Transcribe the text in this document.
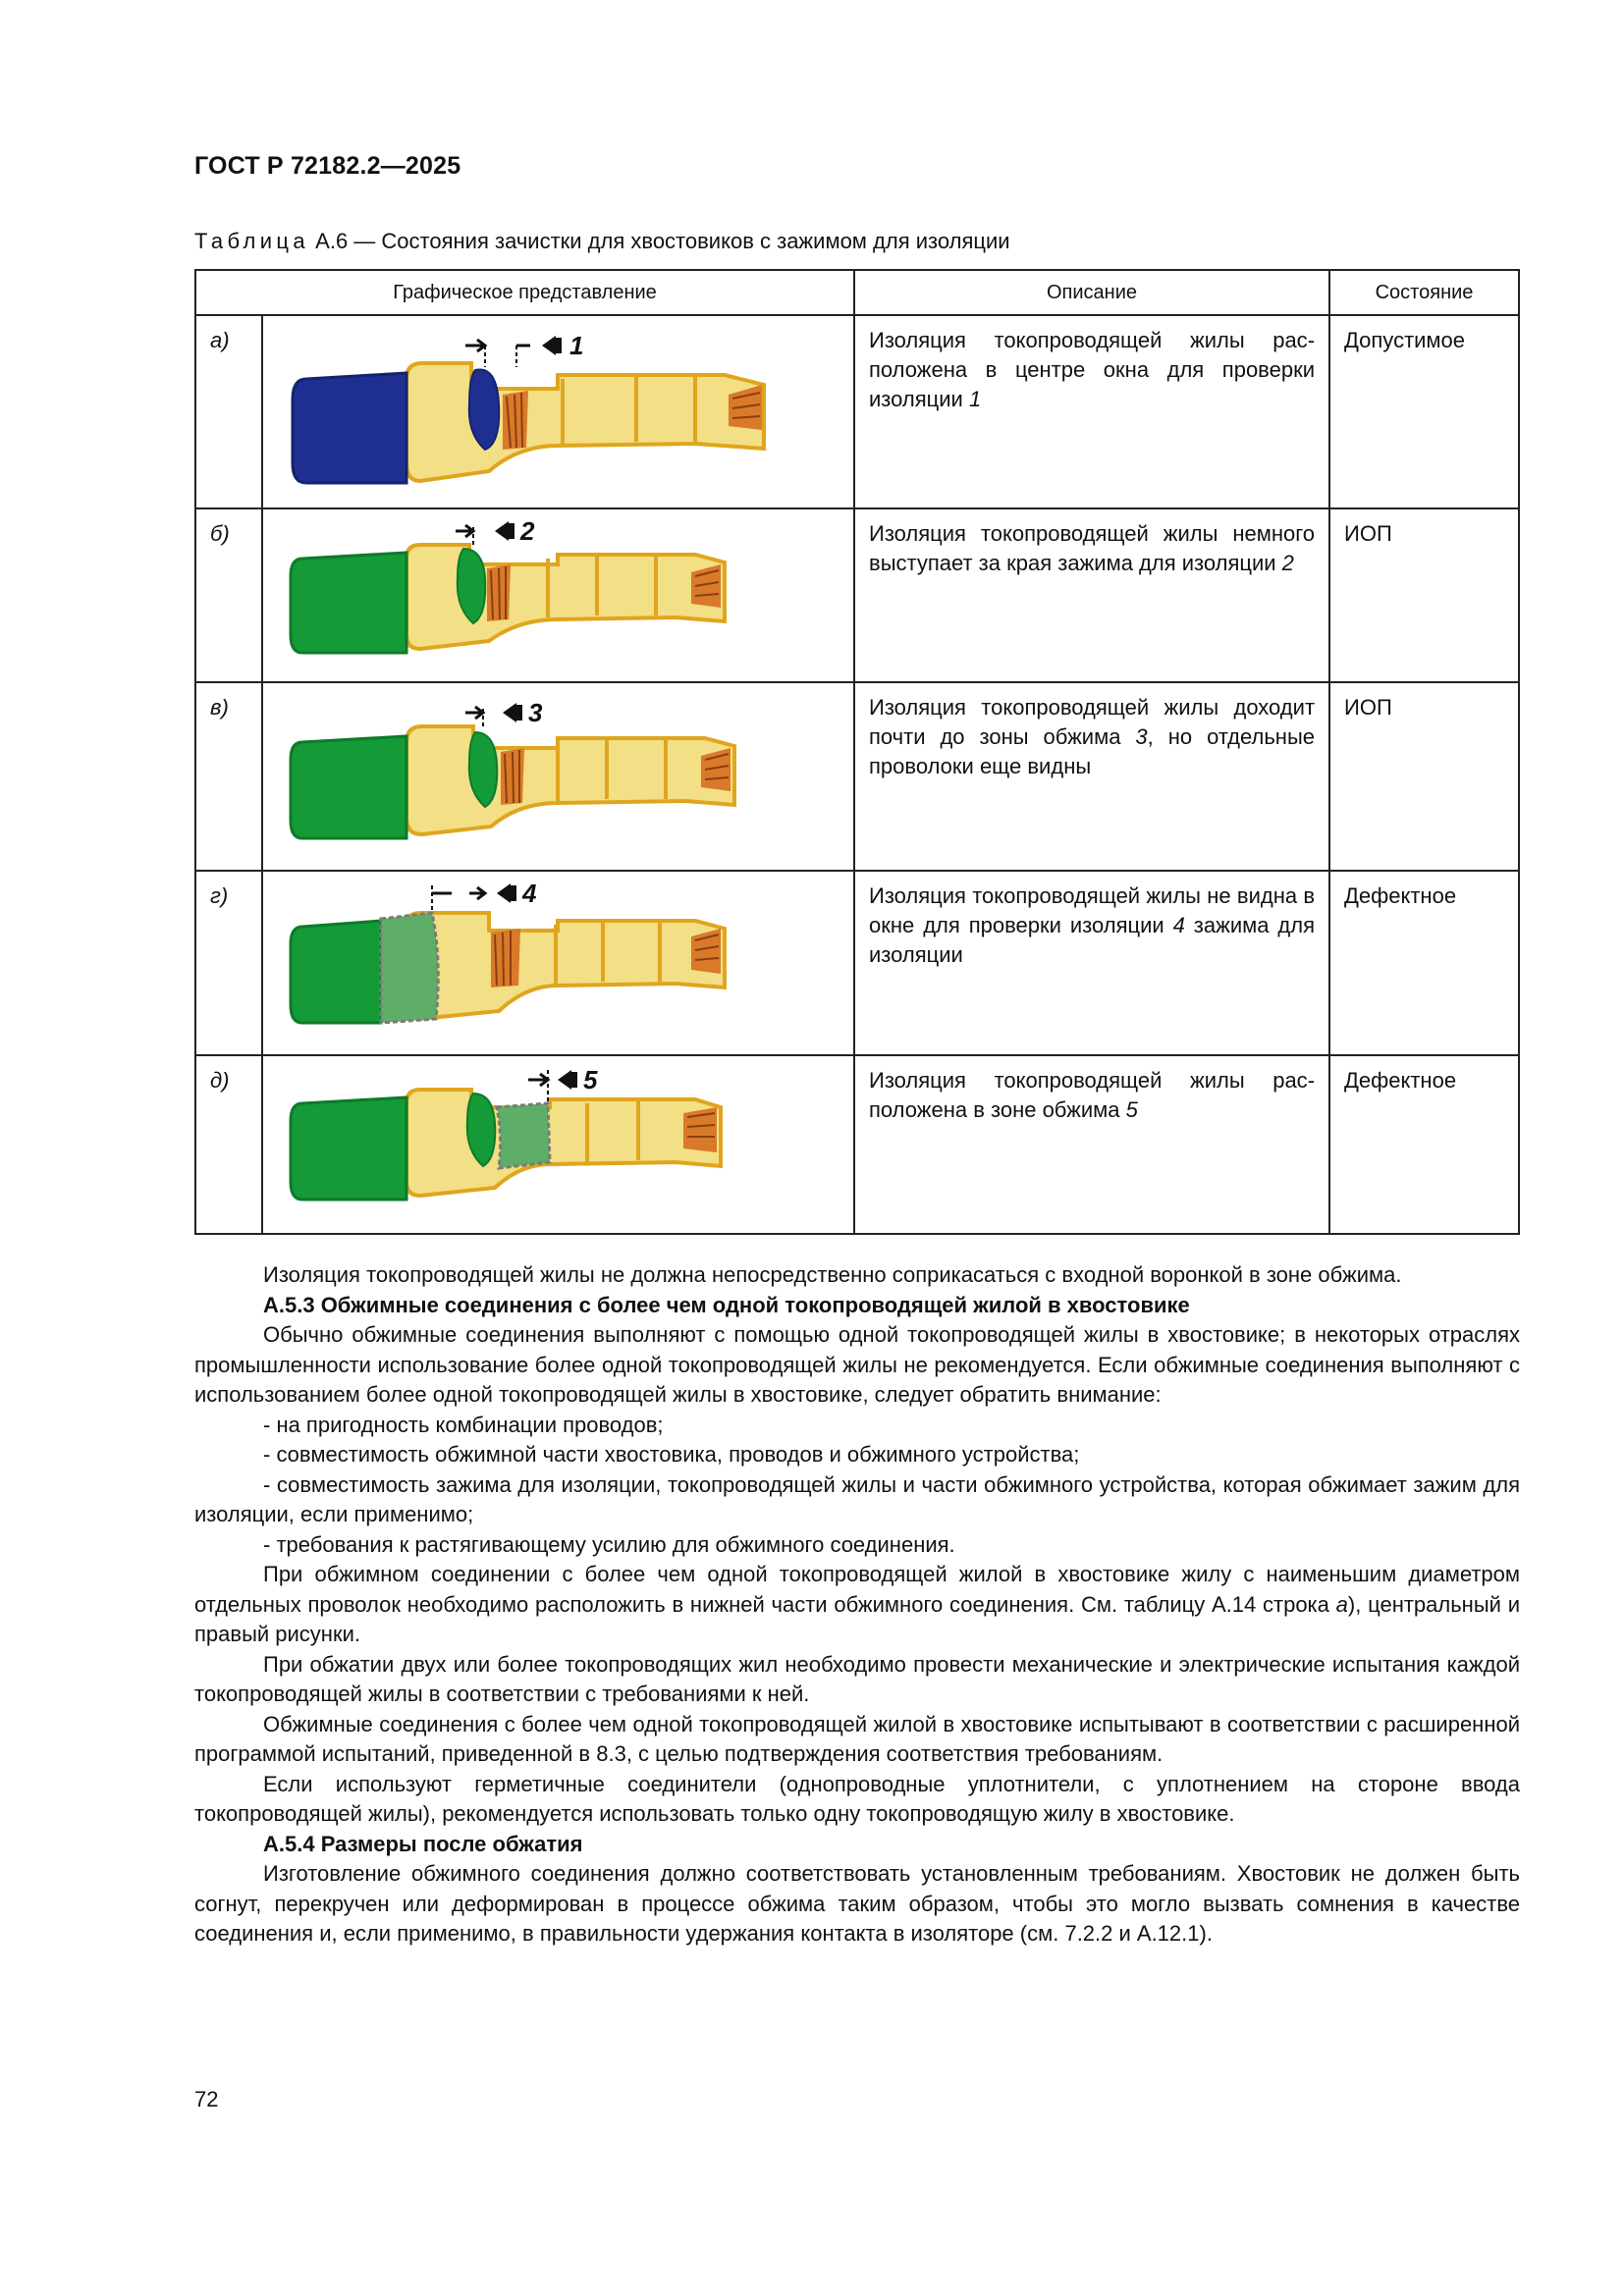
ГОСТ Р 72182.2—2025
Таблица А.6 — Состояния зачистки для хвостовиков с зажимом для изоляции
Графическое представление		Описание	Состояние
а)	1	Изоляция токопроводящей жилы расположена в центре окна для проверки изоляции 1	Допустимое
б)	2	Изоляция токопроводящей жилы немного выступает за края зажима для изоляции 2	ИОП
в)	3	Изоляция токопроводящей жилы доходит почти до зоны обжима 3, но отдельные проволоки еще видны	ИОП
г)	4	Изоляция токопроводящей жилы не видна в окне для проверки изоляции 4 зажима для изоляции	Дефектное
д)	5	Изоляция токопроводящей жилы расположена в зоне обжима 5	Дефектное

Изоляция токопроводящей жилы не должна непосредственно соприкасаться с входной воронкой в зоне обжима.

А.5.3 Обжимные соединения с более чем одной токопроводящей жилой в хвостовике

Обычно обжимные соединения выполняют с помощью одной токопроводящей жилы в хвостовике; в некоторых отраслях промышленности использование более одной токопроводящей жилы не рекомендуется. Если обжимные соединения выполняют с использованием более одной токопроводящей жилы в хвостовике, следует обратить внимание:

- на пригодность комбинации проводов;

- совместимость обжимной части хвостовика, проводов и обжимного устройства;

- совместимость зажима для изоляции, токопроводящей жилы и части обжимного устройства, которая обжимает зажим для изоляции, если применимо;

- требования к растягивающему усилию для обжимного соединения.

При обжимном соединении с более чем одной токопроводящей жилой в хвостовике жилу с наименьшим диаметром отдельных проволок необходимо расположить в нижней части обжимного соединения. См. таблицу А.14 строка а), центральный и правый рисунки.

При обжатии двух или более токопроводящих жил необходимо провести механические и электрические испытания каждой токопроводящей жилы в соответствии с требованиями к ней.

Обжимные соединения с более чем одной токопроводящей жилой в хвостовике испытывают в соответствии с расширенной программой испытаний, приведенной в 8.3, с целью подтверждения соответствия требованиям.

Если используют герметичные соединители (однопроводные уплотнители, с уплотнением на стороне ввода токопроводящей жилы), рекомендуется использовать только одну токопроводящую жилу в хвостовике.

А.5.4 Размеры после обжатия

Изготовление обжимного соединения должно соответствовать установленным требованиям. Хвостовик не должен быть согнут, перекручен или деформирован в процессе обжима таким образом, чтобы это могло вызвать сомнения в качестве соединения и, если применимо, в правильности удержания контакта в изоляторе (см. 7.2.2 и А.12.1).

72
